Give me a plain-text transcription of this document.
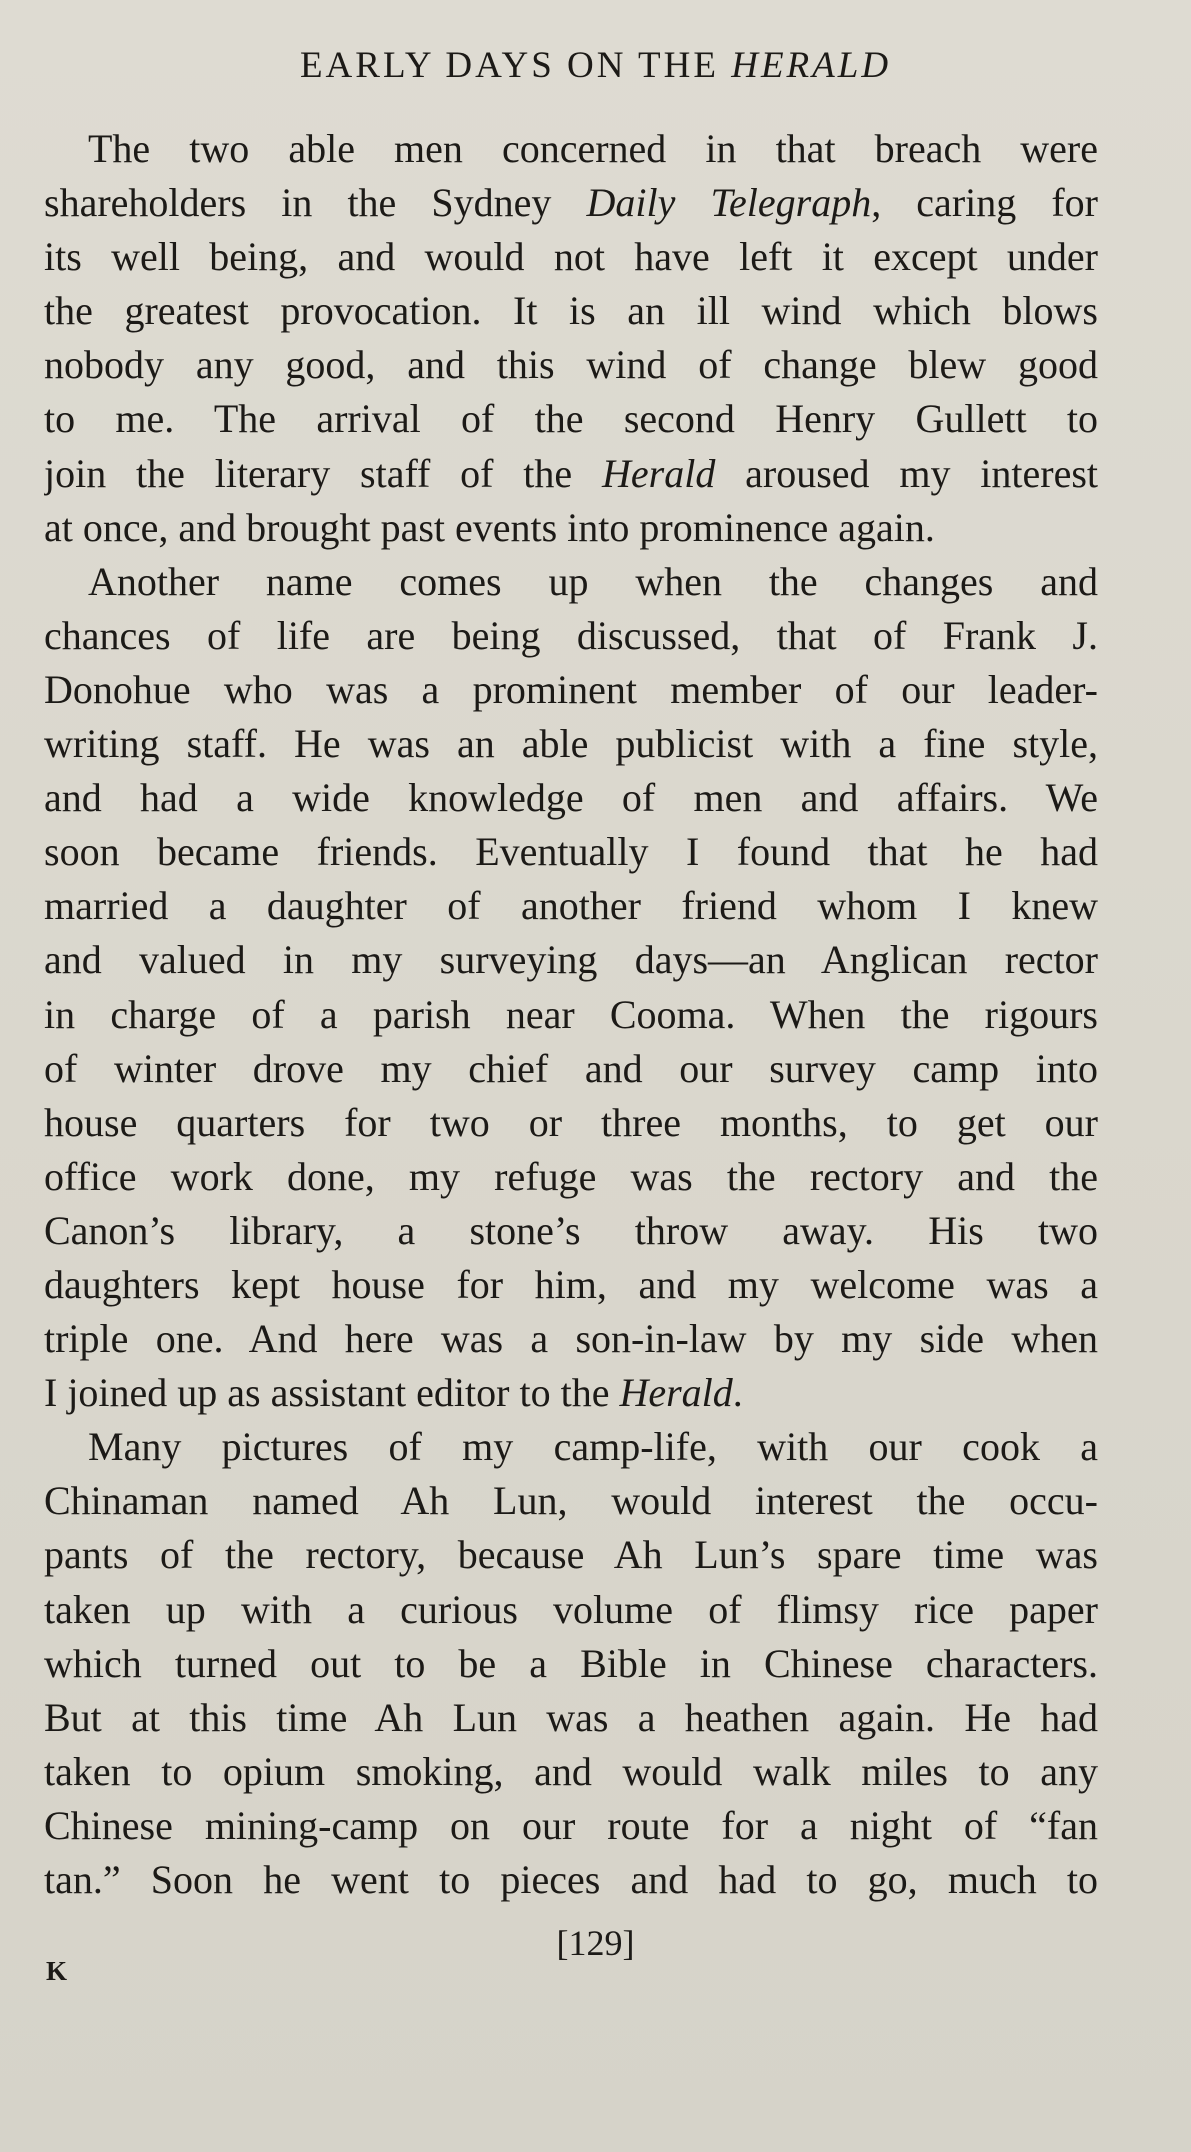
EARLY DAYS ON THE HERALD
The two able men concerned in that breach were
shareholders in the Sydney Daily Telegraph, caring for
its well being, and would not have left it except under
the greatest provocation. It is an ill wind which blows
nobody any good, and this wind of change blew good
to me. The arrival of the second Henry Gullett to
join the literary staff of the Herald aroused my interest
at once, and brought past events into prominence again.
Another name comes up when the changes and
chances of life are being discussed, that of Frank J.
Donohue who was a prominent member of our leader-
writing staff. He was an able publicist with a fine style,
and had a wide knowledge of men and affairs. We
soon became friends. Eventually I found that he had
married a daughter of another friend whom I knew
and valued in my surveying days—an Anglican rector
in charge of a parish near Cooma. When the rigours
of winter drove my chief and our survey camp into
house quarters for two or three months, to get our
office work done, my refuge was the rectory and the
Canon’s library, a stone’s throw away. His two
daughters kept house for him, and my welcome was a
triple one. And here was a son-in-law by my side when
I joined up as assistant editor to the Herald.
Many pictures of my camp-life, with our cook a
Chinaman named Ah Lun, would interest the occu-
pants of the rectory, because Ah Lun’s spare time was
taken up with a curious volume of flimsy rice paper
which turned out to be a Bible in Chinese characters.
But at this time Ah Lun was a heathen again. He had
taken to opium smoking, and would walk miles to any
Chinese mining-camp on our route for a night of “fan
tan.” Soon he went to pieces and had to go, much to
[129]
K
